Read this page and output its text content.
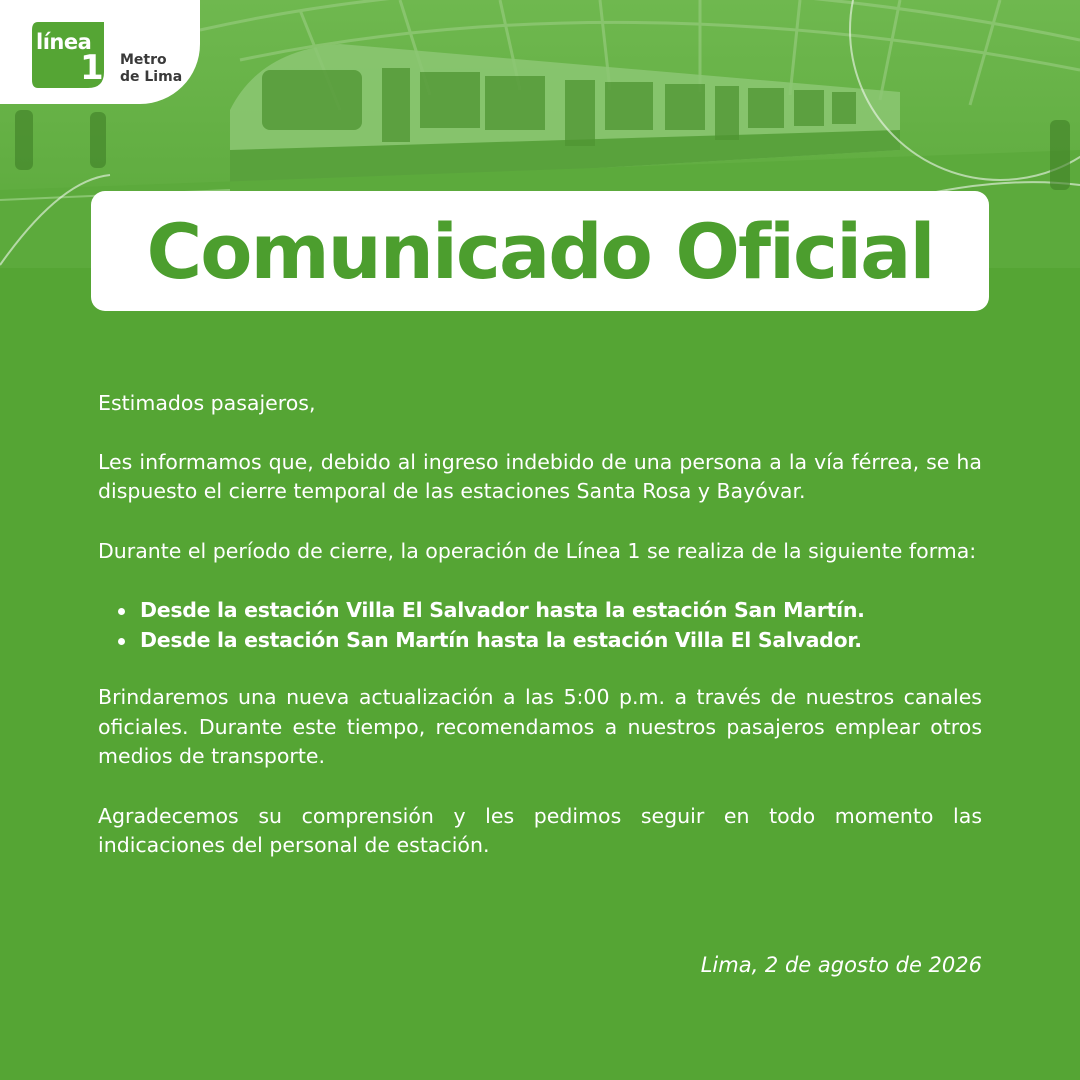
línea
1 Metro
de Lima
Comunicado Oficial

Estimados pasajeros,

Les informamos que, debido al ingreso indebido de una persona a la vía férrea, se ha dispuesto el cierre temporal de las estaciones Santa Rosa y Bayóvar.

Durante el período de cierre, la operación de Línea 1 se realiza de la siguiente forma:

Desde la estación Villa El Salvador hasta la estación San Martín.
Desde la estación San Martín hasta la estación Villa El Salvador.

Brindaremos una nueva actualización a las 5:00 p.m. a través de nuestros canales oficiales. Durante este tiempo, recomendamos a nuestros pasajeros emplear otros medios de transporte.

Agradecemos su comprensión y les pedimos seguir en todo momento las indicaciones del personal de estación.

Lima, 2 de agosto de 2026
